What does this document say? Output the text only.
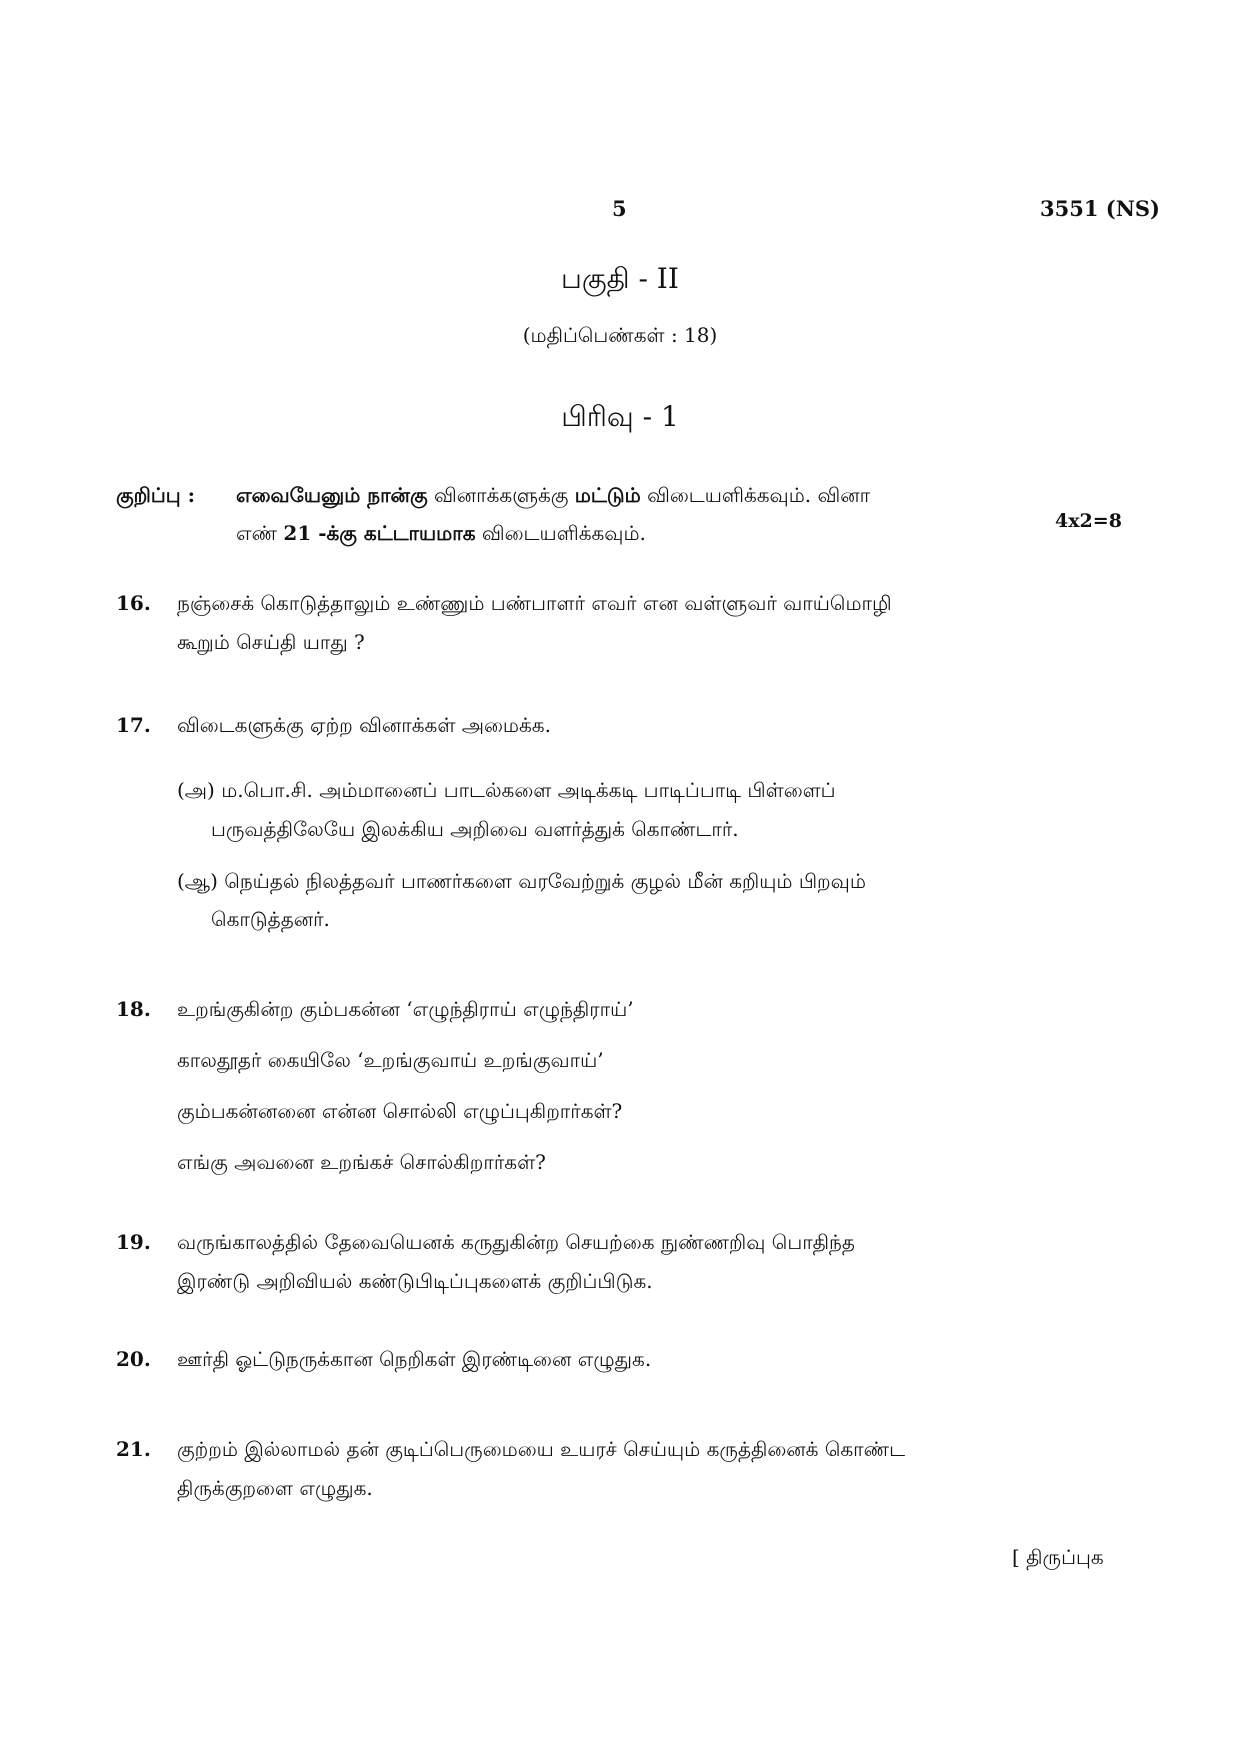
5	3551 (NS)
பகுதி - II
(மதிப்பெண்கள் : 18)
பிரிவு - 1
குறிப்பு : எவையேனும் நான்கு வினாக்களுக்கு மட்டும் விடையளிக்கவும். வினா
எண் 21 -க்கு கட்டாயமாக விடையளிக்கவும்.	4x2=8
16. நஞ்சைக் கொடுத்தாலும் உண்ணும் பண்பாளர் எவர் என வள்ளுவர் வாய்மொழி
கூறும் செய்தி யாது ?
17. விடைகளுக்கு ஏற்ற வினாக்கள் அமைக்க.
(அ) ம.பொ.சி. அம்மானைப் பாடல்களை அடிக்கடி பாடிப்பாடி பிள்ளைப்
பருவத்திலேயே இலக்கிய அறிவை வளர்த்துக் கொண்டார்.
(ஆ) நெய்தல் நிலத்தவர் பாணர்களை வரவேற்றுக் குழல் மீன் கறியும் பிறவும்
கொடுத்தனர்.
18. உறங்குகின்ற கும்பகன்ன ‘எழுந்திராய் எழுந்திராய்’
காலதூதர் கையிலே ‘உறங்குவாய் உறங்குவாய்’
கும்பகன்னனை என்ன சொல்லி எழுப்புகிறார்கள்?
எங்கு அவனை உறங்கச் சொல்கிறார்கள்?
19. வருங்காலத்தில் தேவையெனக் கருதுகின்ற செயற்கை நுண்ணறிவு பொதிந்த
இரண்டு அறிவியல் கண்டுபிடிப்புகளைக் குறிப்பிடுக.
20. ஊர்தி ஓட்டுநருக்கான நெறிகள் இரண்டினை எழுதுக.
21. குற்றம் இல்லாமல் தன் குடிப்பெருமையை உயரச் செய்யும் கருத்தினைக் கொண்ட
திருக்குறளை எழுதுக.
[ திருப்புக
